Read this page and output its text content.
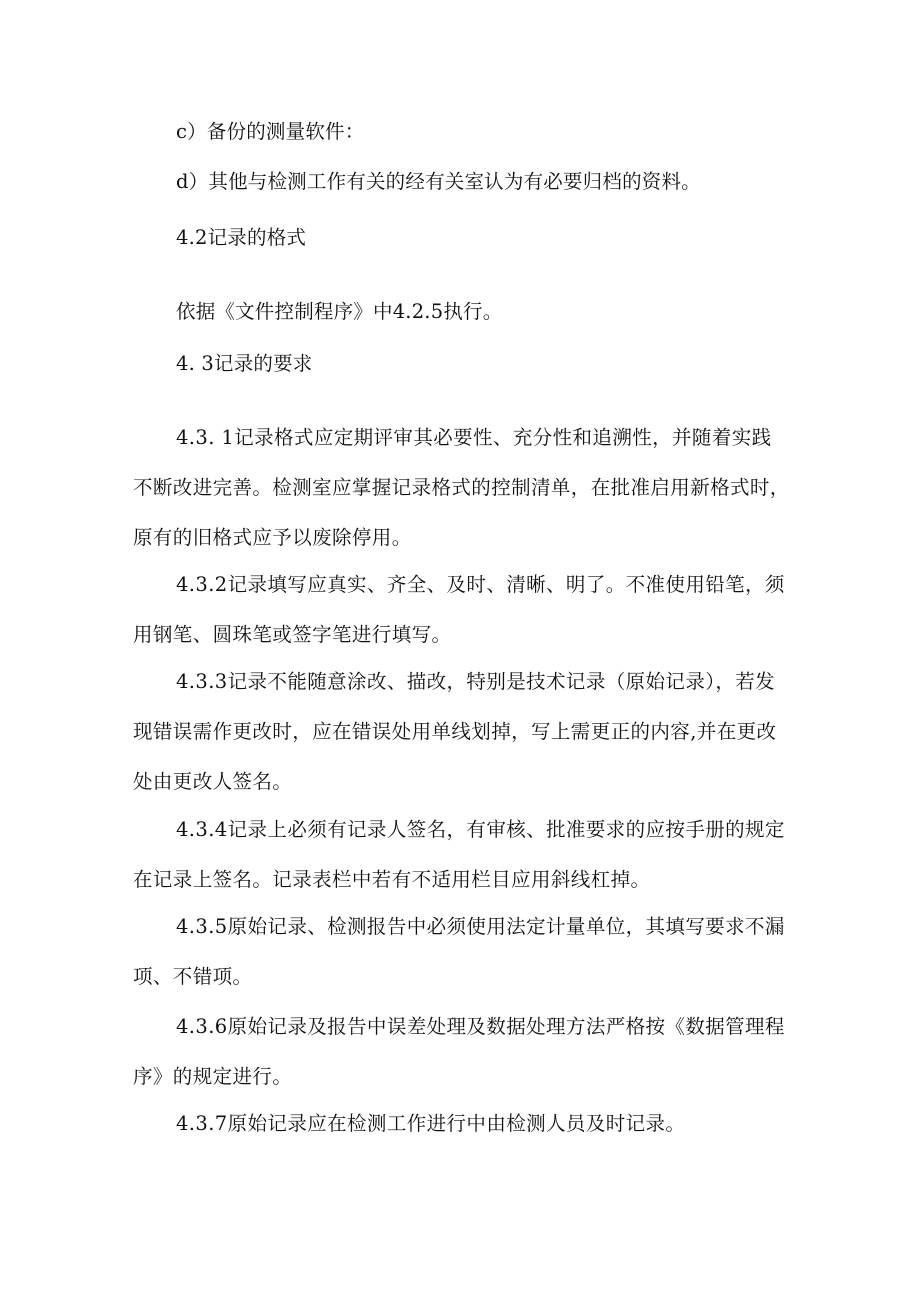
c）备份的测量软件：
d）其他与检测工作有关的经有关室认为有必要归档的资料。
4.2记录的格式
依据《文件控制程序》中4.2.5执行。
4. 3记录的要求
4.3. 1记录格式应定期评审其必要性、充分性和追溯性，并随着实践
不断改进完善。检测室应掌握记录格式的控制清单，在批准启用新格式时，
原有的旧格式应予以废除停用。
4.3.2记录填写应真实、齐全、及时、清晰、明了。不准使用铅笔，须
用钢笔、圆珠笔或签字笔进行填写。
4.3.3记录不能随意涂改、描改，特别是技术记录（原始记录），若发
现错误需作更改时，应在错误处用单线划掉，写上需更正的内容,并在更改
处由更改人签名。
4.3.4记录上必须有记录人签名，有审核、批准要求的应按手册的规定
在记录上签名。记录表栏中若有不适用栏目应用斜线杠掉。
4.3.5原始记录、检测报告中必须使用法定计量单位，其填写要求不漏
项、不错项。
4.3.6原始记录及报告中误差处理及数据处理方法严格按《数据管理程
序》的规定进行。
4.3.7原始记录应在检测工作进行中由检测人员及时记录。
